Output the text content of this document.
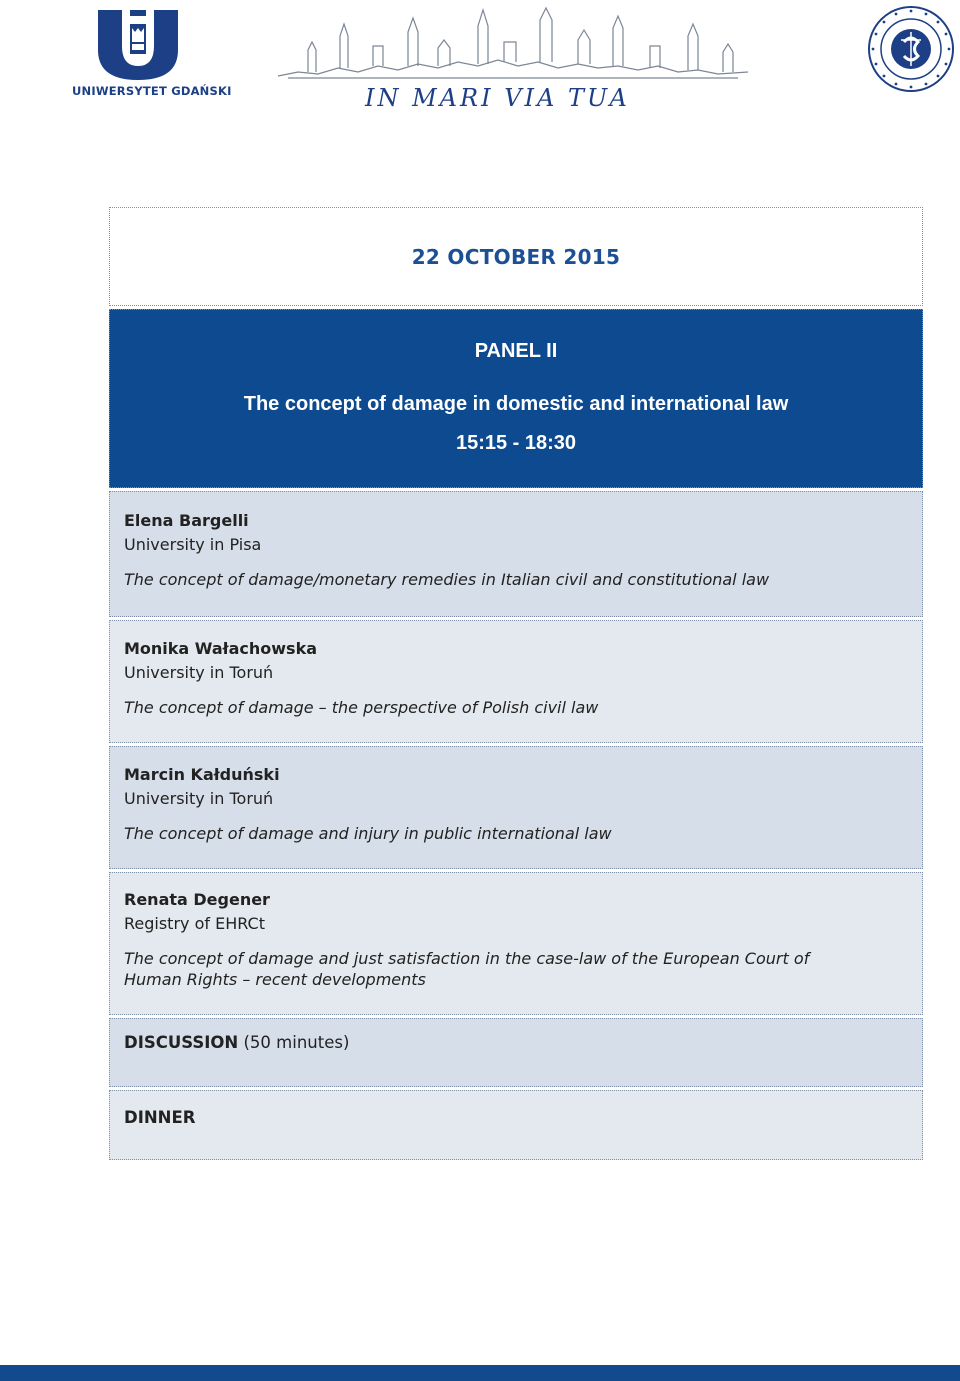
UNIWERSYTET GDAŃSKI	IN MARI VIA TUA
22 OCTOBER 2015
PANEL II
The concept of damage in domestic and international law
15:15 - 18:30
Elena Bargelli
University in Pisa
The concept of damage/monetary remedies in Italian civil and constitutional law
Monika Wałachowska
University in Toruń
The concept of damage – the perspective of Polish civil law
Marcin Kałduński
University in Toruń
The concept of damage and injury in public international law
Renata Degener
Registry of EHRCt
The concept of damage and just satisfaction in the case-law of the European Court of
Human Rights – recent developments
DISCUSSION (50 minutes)
DINNER
